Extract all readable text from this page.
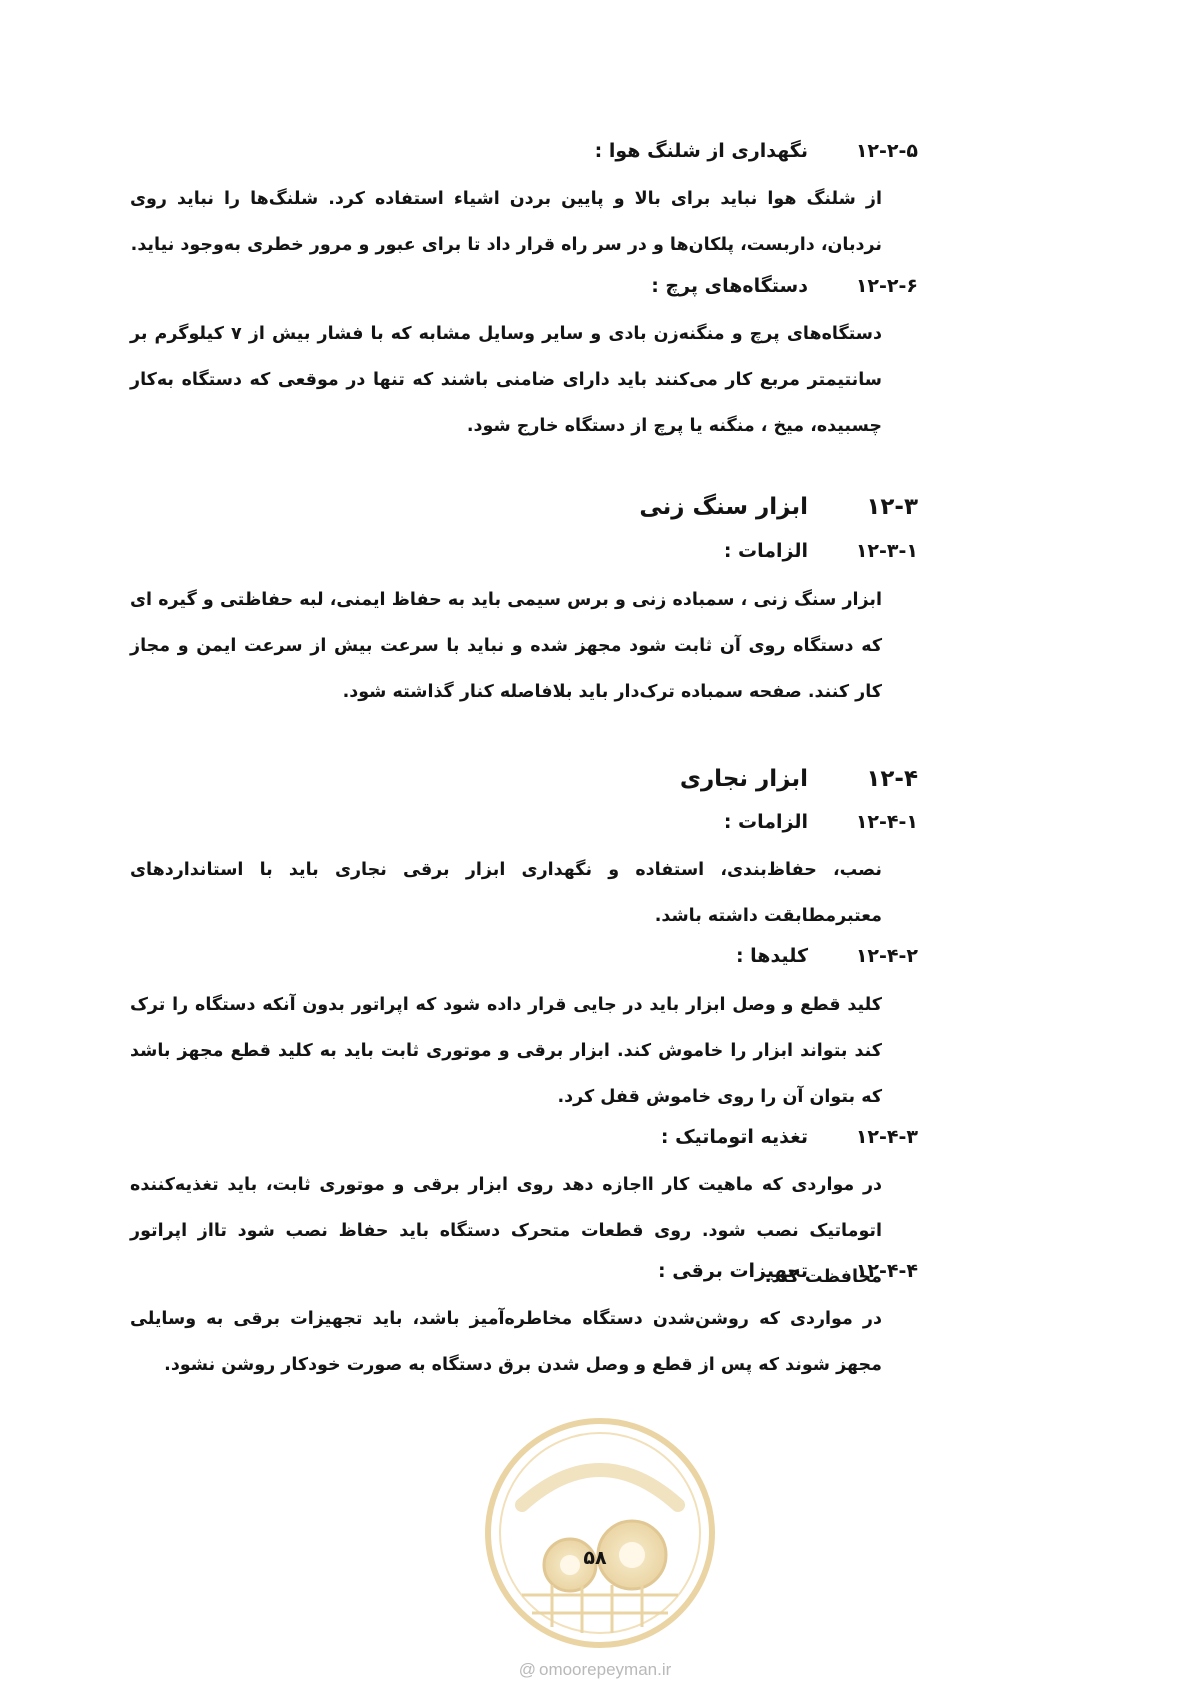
۱۲-۲-۵
نگهداری از شلنگ هوا :
از شلنگ هوا نباید برای بالا و پایین بردن اشیاء استفاده کرد. شلنگ‌ها را نباید روی نردبان، داربست، پلکان‌ها و در سر راه قرار داد تا برای عبور و مرور خطری به‌وجود نیاید.
۱۲-۲-۶
دستگاه‌های پرچ :
دستگاه‌های پرچ و منگنه‌زن بادی و سایر وسایل مشابه که با فشار بیش از ۷ کیلوگرم بر سانتیمتر مربع کار می‌کنند باید دارای ضامنی باشند که تنها در موقعی که دستگاه به‌کار چسبیده، میخ ، منگنه یا پرچ از دستگاه خارج شود.
۱۲-۳
ابزار سنگ زنی
۱۲-۳-۱
الزامات :
ابزار سنگ زنی ، سمباده زنی و برس سیمی باید به حفاظ ایمنی، لبه حفاظتی و گیره ای که دستگاه روی آن ثابت شود مجهز شده و نباید با سرعت بیش از سرعت ایمن و مجاز کار کنند. صفحه سمباده ترک‌دار باید بلافاصله کنار گذاشته شود.
۱۲-۴
ابزار نجاری
۱۲-۴-۱
الزامات :
نصب، حفاظ‌بندی، استفاده و نگهداری ابزار برقی نجاری باید با استانداردهای معتبرمطابقت داشته باشد.
۱۲-۴-۲
کلیدها :
کلید قطع و وصل ابزار باید در جایی قرار داده شود که اپراتور بدون آنکه دستگاه را ترک کند بتواند ابزار را خاموش کند. ابزار برقی و موتوری ثابت باید به کلید قطع مجهز باشد که بتوان آن را روی خاموش قفل کرد.
۱۲-۴-۳
تغذیه اتوماتیک :
در مواردی که ماهیت کار ااجازه دهد روی ابزار برقی و موتوری ثابت، باید تغذیه‌کننده اتوماتیک نصب شود. روی قطعات متحرک دستگاه باید حفاظ نصب شود تااز اپراتور محافظت کند.
۱۲-۴-۴
تجهیزات برقی :
در مواردی که روشن‌شدن دستگاه مخاطره‌آمیز باشد، باید تجهیزات برقی به وسایلی مجهز شوند که پس از قطع و وصل شدن برق دستگاه به صورت خودکار روشن نشود.
۵۸
@ omoorepeyman.ir
